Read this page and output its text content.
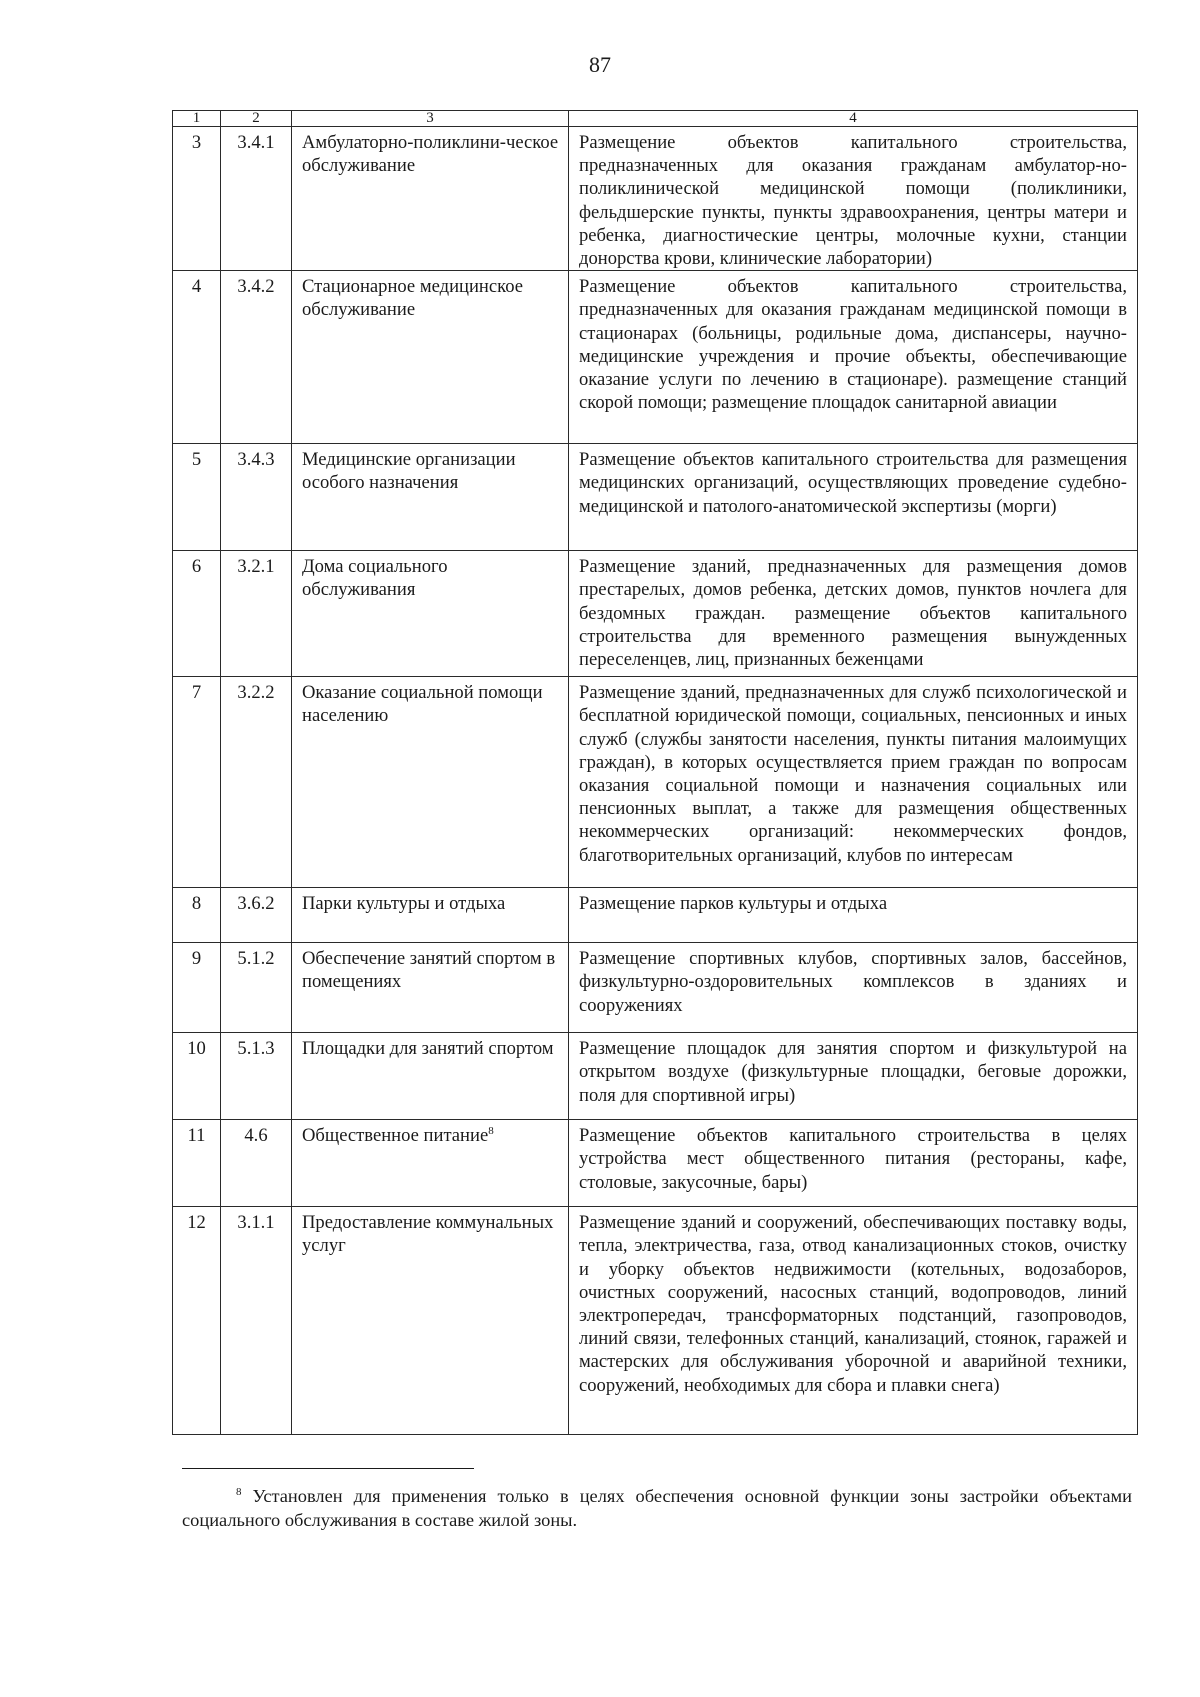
87
1	2	3	4
3	3.4.1	Амбулаторно-поликлини-ческое обслуживание	Размещение объектов капитального строительства, предназначенных для оказания гражданам амбулатор-но-поликлинической медицинской помощи (поликлиники, фельдшерские пункты, пункты здравоохранения, центры матери и ребенка, диагностические центры, молочные кухни, станции донорства крови, клинические лаборатории)

4	3.4.2	Стационарное медицинское обслуживание	Размещение объектов капитального строительства, предназначенных для оказания гражданам медицинской помощи в стационарах (больницы, родильные дома, диспансеры, научно-медицинские учреждения и прочие объекты, обеспечивающие оказание услуги по лечению в стационаре). размещение станций скорой помощи; размещение площадок санитарной авиации

5	3.4.3	Медицинские организации особого назначения	Размещение объектов капитального строительства для размещения медицинских организаций, осуществляющих проведение судебно-медицинской и патолого-анатомической экспертизы (морги)

6	3.2.1	Дома социального обслуживания	Размещение зданий, предназначенных для размещения домов престарелых, домов ребенка, детских домов, пунктов ночлега для бездомных граждан. размещение объектов капитального строительства для временного размещения вынужденных переселенцев, лиц, признанных беженцами

7	3.2.2	Оказание социальной помощи населению	Размещение зданий, предназначенных для служб психологической и бесплатной юридической помощи, социальных, пенсионных и иных служб (службы занятости населения, пункты питания малоимущих граждан), в которых осуществляется прием граждан по вопросам оказания социальной помощи и назначения социальных или пенсионных выплат, а также для размещения общественных некоммерческих организаций: некоммерческих фондов, благотворительных организаций, клубов по интересам

8	3.6.2	Парки культуры и отдыха	Размещение парков культуры и отдыха

9	5.1.2	Обеспечение занятий спортом в помещениях	Размещение спортивных клубов, спортивных залов, бассейнов, физкультурно-оздоровительных комплексов в зданиях и сооружениях

10	5.1.3	Площадки для занятий спортом	Размещение площадок для занятия спортом и физкультурой на открытом воздухе (физкультурные площадки, беговые дорожки, поля для спортивной игры)

11	4.6	Общественное питание$^8$	Размещение объектов капитального строительства в целях устройства мест общественного питания (рестораны, кафе, столовые, закусочные, бары)

12	3.1.1	Предоставление коммунальных услуг	Размещение зданий и сооружений, обеспечивающих поставку воды, тепла, электричества, газа, отвод канализационных стоков, очистку и уборку объектов недвижимости (котельных, водозаборов, очистных сооружений, насосных станций, водопроводов, линий электропередач, трансформаторных подстанций, газопроводов, линий связи, телефонных станций, канализаций, стоянок, гаражей и мастерских для обслуживания уборочной и аварийной техники, сооружений, необходимых для сбора и плавки снега)
$^8$ Установлен для применения только в целях обеспечения основной функции зоны застройки объектами социального обслуживания в составе жилой зоны.
